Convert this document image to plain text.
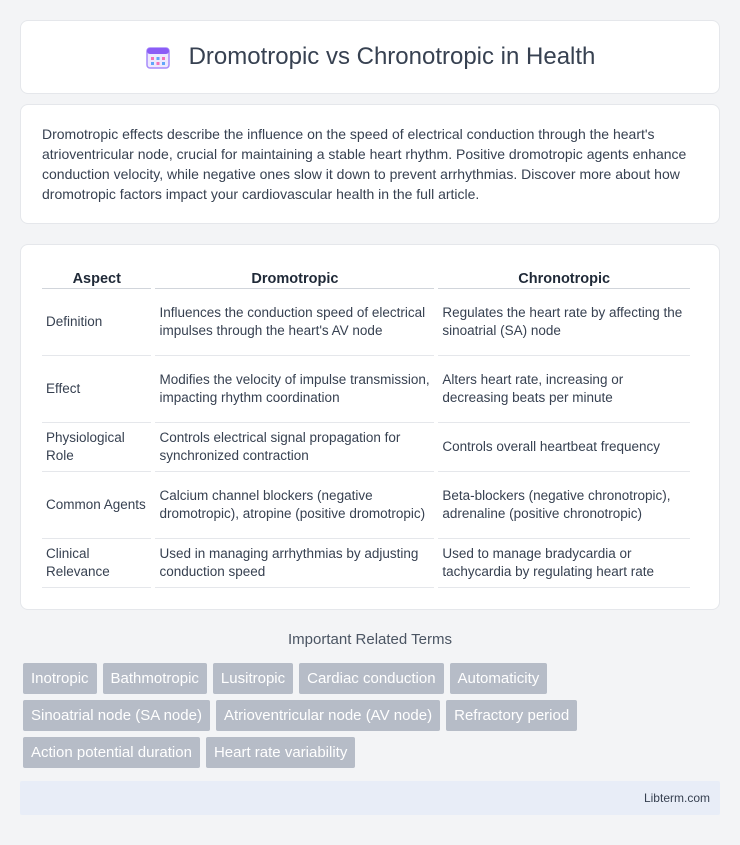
Dromotropic vs Chronotropic in Health

Dromotropic effects describe the influence on the speed of electrical conduction through the heart's atrioventricular node, crucial for maintaining a stable heart rhythm. Positive dromotropic agents enhance conduction velocity, while negative ones slow it down to prevent arrhythmias. Discover more about how dromotropic factors impact your cardiovascular health in the full article.

Aspect	Dromotropic	Chronotropic
Definition	Influences the conduction speed of electrical impulses through the heart's AV node	Regulates the heart rate by affecting the sinoatrial (SA) node
Effect	Modifies the velocity of impulse transmission, impacting rhythm coordination	Alters heart rate, increasing or decreasing beats per minute
Physiological Role	Controls electrical signal propagation for synchronized contraction	Controls overall heartbeat frequency
Common Agents	Calcium channel blockers (negative dromotropic), atropine (positive dromotropic)	Beta-blockers (negative chronotropic), adrenaline (positive chronotropic)
Clinical Relevance	Used in managing arrhythmias by adjusting conduction speed	Used to manage bradycardia or tachycardia by regulating heart rate
Important Related Terms
Inotropic	Bathmotropic	Lusitropic	Cardiac conduction	Automaticity
Sinoatrial node (SA node)	Atrioventricular node (AV node)	Refractory period
Action potential duration	Heart rate variability
Libterm.com
